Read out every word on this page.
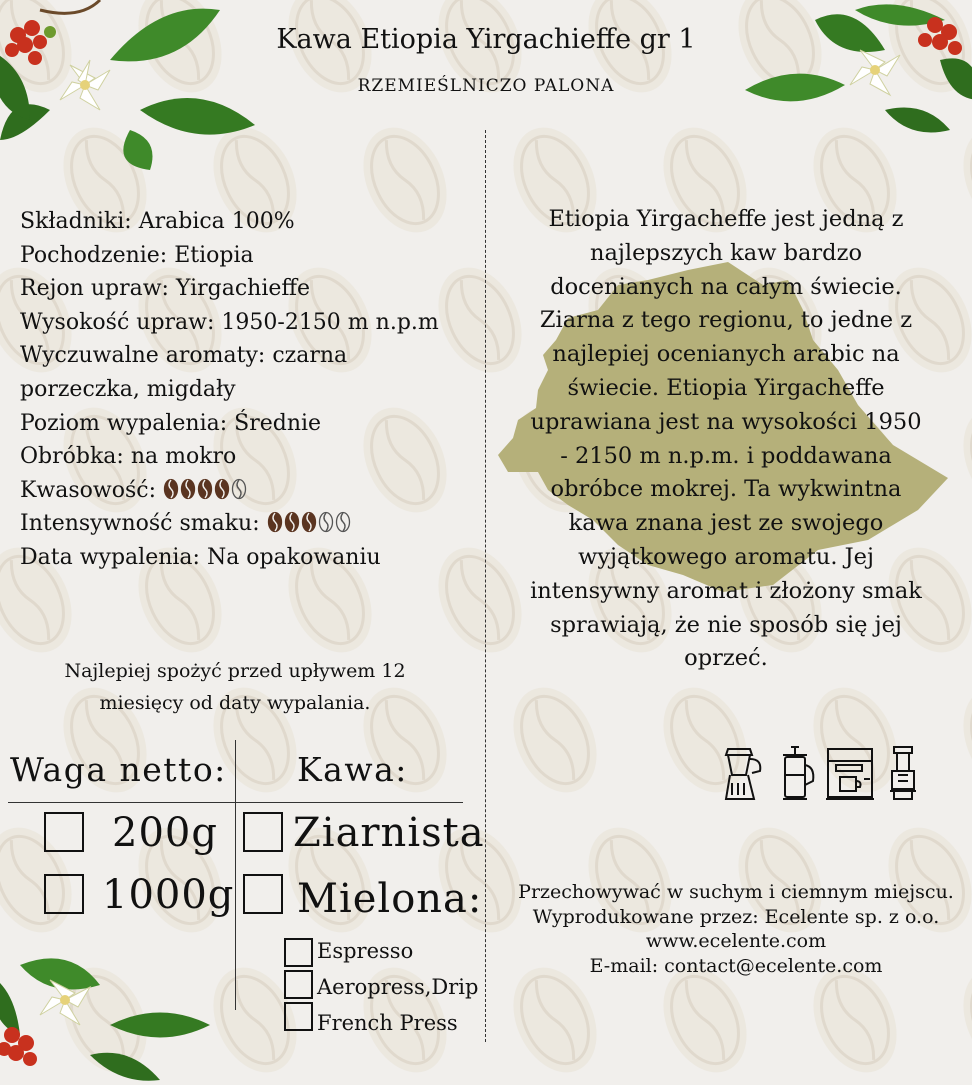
Kawa Etiopia Yirgachieffe gr 1
RZEMIEŚLNICZO PALONA
Składniki: Arabica 100%
Pochodzenie: Etiopia
Rejon upraw: Yirgachieffe
Wysokość upraw: 1950-2150 m n.p.m
Wyczuwalne aromaty: czarna porzeczka, migdały
Poziom wypalenia: Średnie
Obróbka: na mokro
Kwasowość:
Intensywność smaku:
Data wypalenia: Na opakowaniu
Etiopia Yirgacheffe jest jedną z najlepszych kaw bardzo docenianych na całym świecie. Ziarna z tego regionu, to jedne z najlepiej ocenianych arabic na świecie. Etiopia Yirgacheffe uprawiana jest na wysokości 1950 - 2150 m n.p.m. i poddawana obróbce mokrej. Ta wykwintna kawa znana jest ze swojego wyjątkowego aromatu. Jej intensywny aromat i złożony smak sprawiają, że nie sposób się jej oprzeć.
Najlepiej spożyć przed upływem 12 miesięcy od daty wypalania.
Waga netto: Kawa:
200g
1000g
Ziarnista
Mielona:
Espresso
Aeropress,Drip
French Press
Przechowywać w suchym i ciemnym miejscu.
Wyprodukowane przez: Ecelente sp. z o.o.
www.ecelente.com
E-mail: contact@ecelente.com
